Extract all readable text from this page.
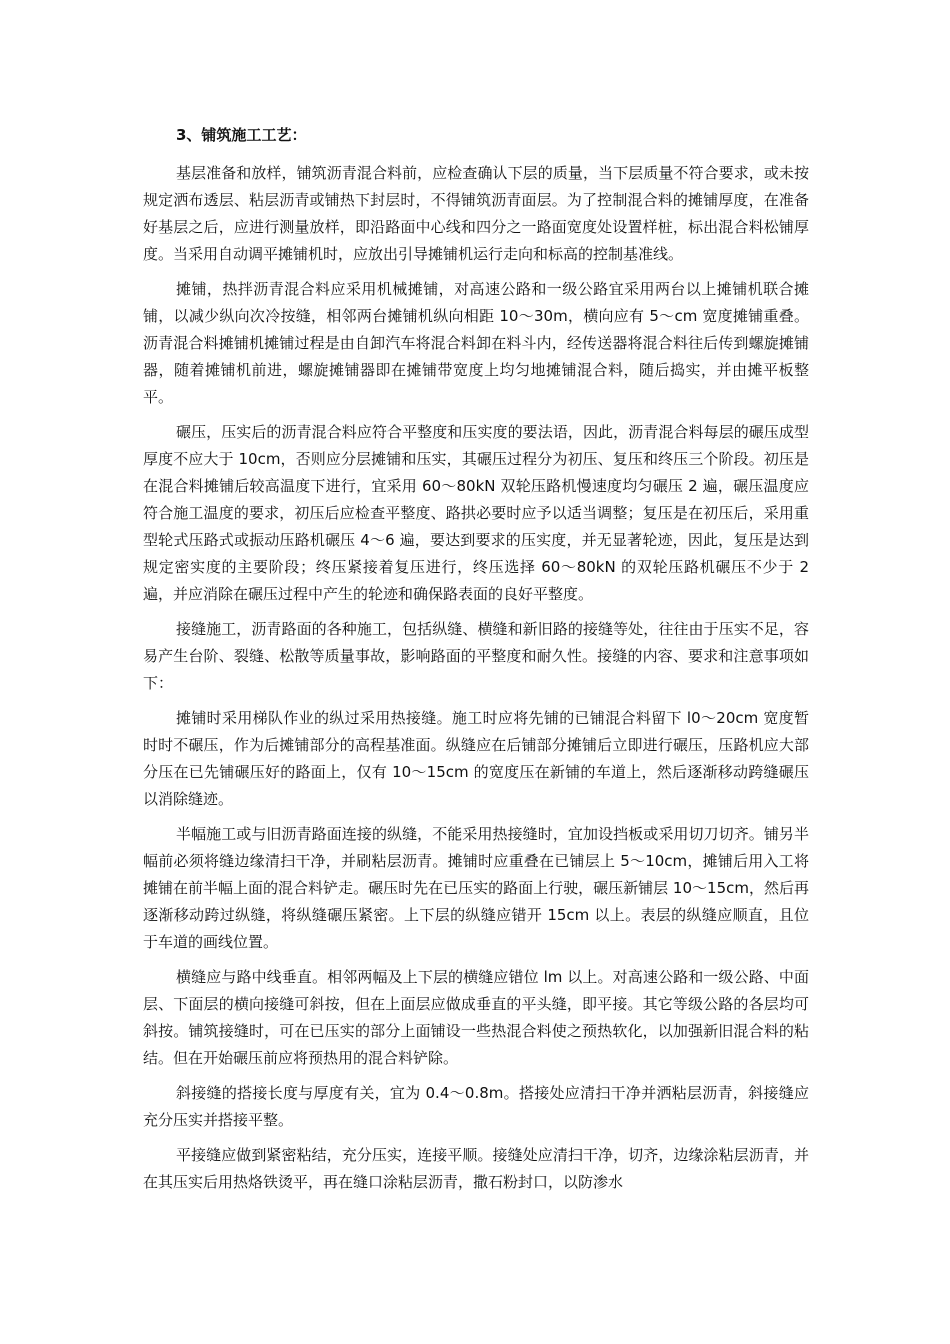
3、铺筑施工工艺：

基层准备和放样，铺筑沥青混合料前，应检查确认下层的质量，当下层质量不符合要求，或未按规定洒布透层、粘层沥青或铺热下封层时，不得铺筑沥青面层。为了控制混合料的摊铺厚度，在准备好基层之后，应进行测量放样，即沿路面中心线和四分之一路面宽度处设置样桩，标出混合料松铺厚度。当采用自动调平摊铺机时，应放出引导摊铺机运行走向和标高的控制基准线。

摊铺，热拌沥青混合料应采用机械摊铺，对高速公路和一级公路宜采用两台以上摊铺机联合摊铺，以减少纵向次冷按缝，相邻两台摊铺机纵向相距 10～30m，横向应有 5～cm 宽度摊铺重叠。沥青混合料摊铺机摊铺过程是由自卸汽车将混合料卸在料斗内，经传送器将混合料往后传到螺旋摊铺器，随着摊铺机前进，螺旋摊铺器即在摊铺带宽度上均匀地摊铺混合料，随后捣实，并由摊平板整平。

碾压，压实后的沥青混合料应符合平整度和压实度的要法语，因此，沥青混合料每层的碾压成型厚度不应大于 10cm，否则应分层摊铺和压实，其碾压过程分为初压、复压和终压三个阶段。初压是在混合料摊铺后较高温度下进行，宜采用 60～80kN 双轮压路机慢速度均匀碾压 2 遍，碾压温度应符合施工温度的要求，初压后应检查平整度、路拱必要时应予以适当调整；复压是在初压后，采用重型轮式压路式或振动压路机碾压 4～6 遍，要达到要求的压实度，并无显著轮迹，因此，复压是达到规定密实度的主要阶段；终压紧接着复压进行，终压选择 60～80kN 的双轮压路机碾压不少于 2 遍，并应消除在碾压过程中产生的轮迹和确保路表面的良好平整度。

接缝施工，沥青路面的各种施工，包括纵缝、横缝和新旧路的接缝等处，往往由于压实不足，容易产生台阶、裂缝、松散等质量事故，影响路面的平整度和耐久性。接缝的内容、要求和注意事项如下：

摊铺时采用梯队作业的纵过采用热接缝。施工时应将先铺的已铺混合料留下 l0～20cm 宽度暂时时不碾压，作为后摊铺部分的高程基准面。纵缝应在后铺部分摊铺后立即进行碾压，压路机应大部分压在已先铺碾压好的路面上，仅有 10～15cm 的宽度压在新铺的车道上，然后逐渐移动跨缝碾压以消除缝迹。

半幅施工或与旧沥青路面连接的纵缝，不能采用热接缝时，宜加设挡板或采用切刀切齐。铺另半幅前必须将缝边缘清扫干净，并刷粘层沥青。摊铺时应重叠在已铺层上 5～10cm，摊铺后用入工将摊铺在前半幅上面的混合料铲走。碾压时先在已压实的路面上行驶，碾压新铺层 10～15cm，然后再逐渐移动跨过纵缝，将纵缝碾压紧密。上下层的纵缝应错开 15cm 以上。表层的纵缝应顺直，且位于车道的画线位置。

横缝应与路中线垂直。相邻两幅及上下层的横缝应错位 lm 以上。对高速公路和一级公路、中面层、下面层的横向接缝可斜按，但在上面层应做成垂直的平头缝，即平接。其它等级公路的各层均可斜按。铺筑接缝时，可在已压实的部分上面铺设一些热混合料使之预热软化，以加强新旧混合料的粘结。但在开始碾压前应将预热用的混合料铲除。

斜接缝的搭接长度与厚度有关，宜为 0.4～0.8m。搭接处应清扫干净并洒粘层沥青，斜接缝应充分压实并搭接平整。

平接缝应做到紧密粘结，充分压实，连接平顺。接缝处应清扫干净，切齐，边缘涂粘层沥青，并在其压实后用热烙铁烫平，再在缝口涂粘层沥青，撒石粉封口，以防渗水
